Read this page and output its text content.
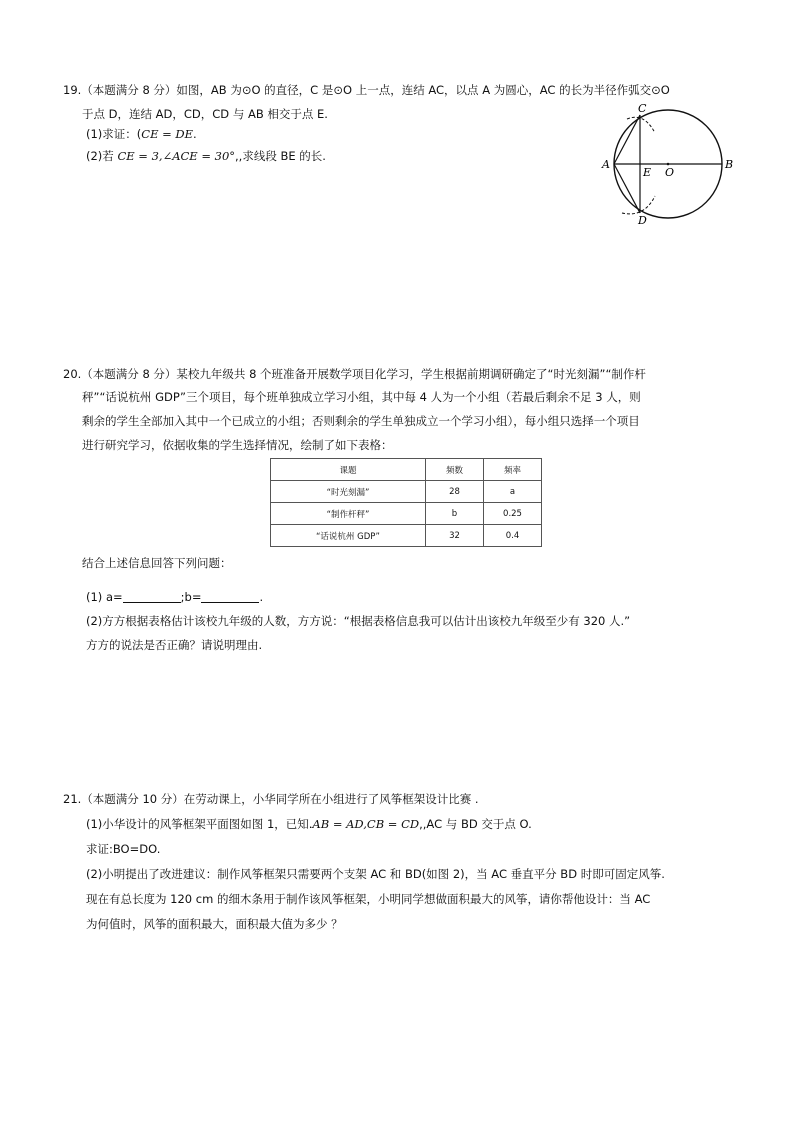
19.（本题满分 8 分）如图，AB 为⊙O 的直径，C 是⊙O 上一点，连结 AC，以点 A 为圆心，AC 的长为半径作弧交⊙O
于点 D，连结 AD，CD，CD 与 AB 相交于点 E.
(1)求证：(CE = DE.
(2)若 CE = 3,∠ACE = 30°,,求线段 BE 的长.
C
A	B
E O
D
20.（本题满分 8 分）某校九年级共 8 个班准备开展数学项目化学习，学生根据前期调研确定了“时光刻漏”“制作杆
秤”“话说杭州 GDP”三个项目，每个班单独成立学习小组，其中每 4 人为一个小组（若最后剩余不足 3 人，则
剩余的学生全部加入其中一个已成立的小组；否则剩余的学生单独成立一个学习小组），每小组只选择一个项目
进行研究学习，依据收集的学生选择情况，绘制了如下表格：
课题	频数	频率
“时光刻漏”	28	a
“制作杆秤”	b	0.25
“话说杭州 GDP”	32	0.4
结合上述信息回答下列问题：
(1) a=	;b=	.
(2)方方根据表格估计该校九年级的人数，方方说：“根据表格信息我可以估计出该校九年级至少有 320 人.”
方方的说法是否正确？请说明理由.
21.（本题满分 10 分）在劳动课上，小华同学所在小组进行了风筝框架设计比赛 .
(1)小华设计的风筝框架平面图如图 1，已知.AB = AD,CB = CD,,AC 与 BD 交于点 O.
求证:BO=DO.
(2)小明提出了改进建议：制作风筝框架只需要两个支架 AC 和 BD(如图 2)，当 AC 垂直平分 BD 时即可固定风筝.
现在有总长度为 120 cm 的细木条用于制作该风筝框架，小明同学想做面积最大的风筝，请你帮他设计：当 AC
为何值时，风筝的面积最大，面积最大值为多少 ？
